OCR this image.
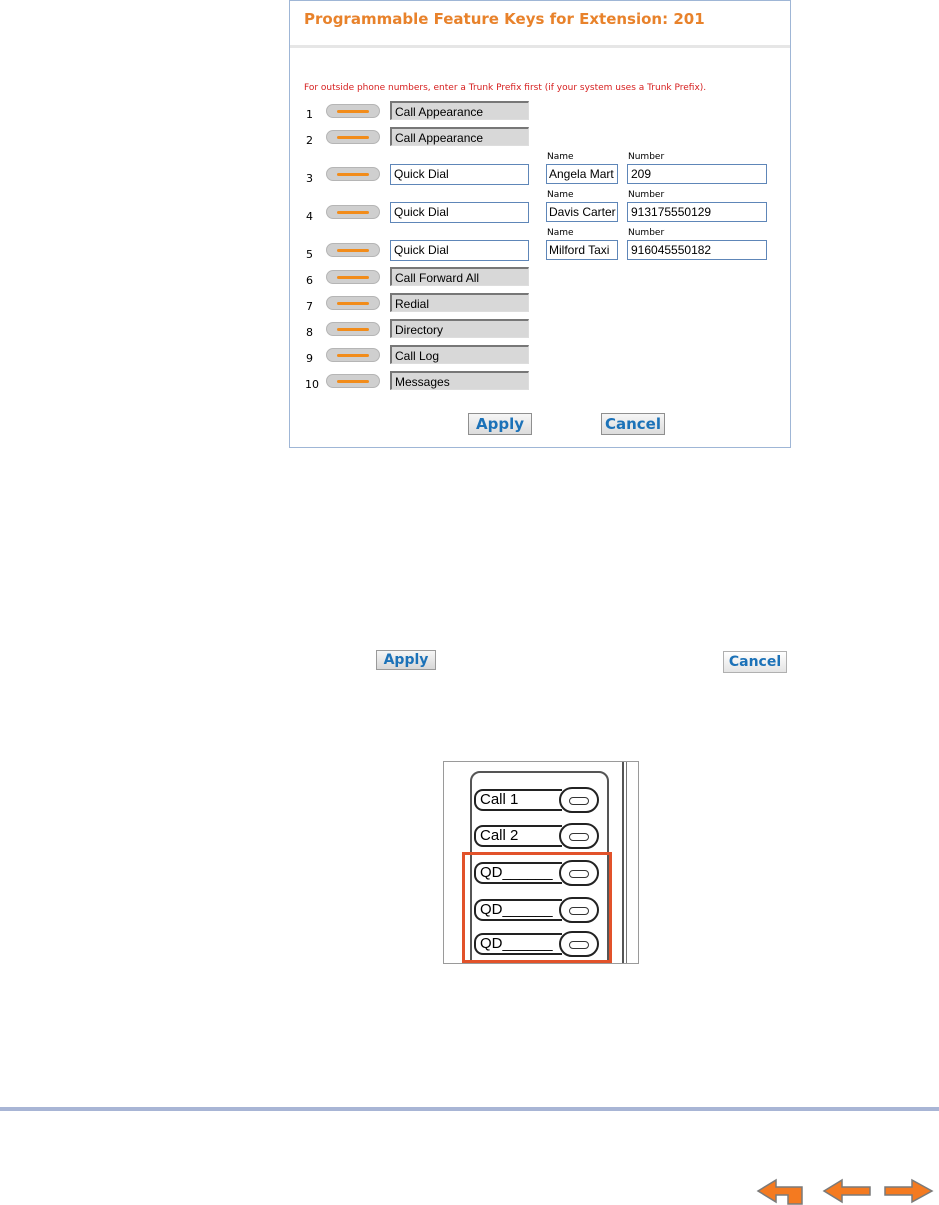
Programmable Feature Keys for Extension: 201
For outside phone numbers, enter a Trunk Prefix first (if your system uses a Trunk Prefix).
1	Call Appearance
2	Call Appearance
3	Quick Dial
Name	Number
Angela Mart	209
4	Quick Dial
Name	Number
Davis Carter	913175550129
5	Quick Dial
Name	Number
Milford Taxi	916045550182
6	Call Forward All
7	Redial
8	Directory
9	Call Log
10	Messages
Apply	Cancel
Apply	Cancel
Call 1
Call 2
QD______
QD______
QD______
